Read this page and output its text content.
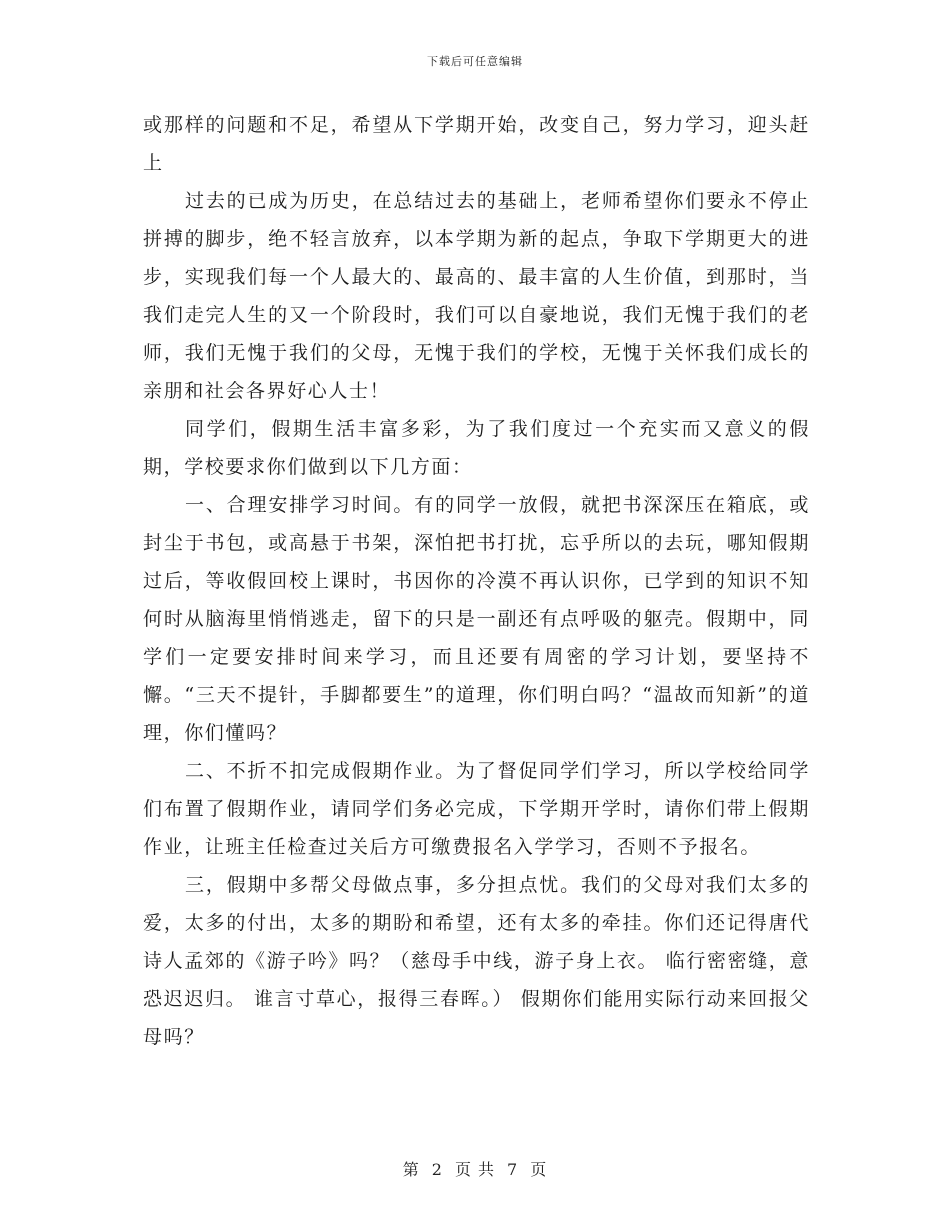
下载后可任意编辑

或那样的问题和不足，希望从下学期开始，改变自己，努力学习，迎头赶上

过去的已成为历史，在总结过去的基础上，老师希望你们要永不停止拼搏的脚步，绝不轻言放弃，以本学期为新的起点，争取下学期更大的进步，实现我们每一个人最大的、最高的、最丰富的人生价值，到那时，当我们走完人生的又一个阶段时，我们可以自豪地说，我们无愧于我们的老师，我们无愧于我们的父母，无愧于我们的学校，无愧于关怀我们成长的亲朋和社会各界好心人士！

同学们，假期生活丰富多彩，为了我们度过一个充实而又意义的假期，学校要求你们做到以下几方面：

一、合理安排学习时间。有的同学一放假，就把书深深压在箱底，或封尘于书包，或高悬于书架，深怕把书打扰，忘乎所以的去玩，哪知假期过后，等收假回校上课时，书因你的冷漠不再认识你，已学到的知识不知何时从脑海里悄悄逃走，留下的只是一副还有点呼吸的躯壳。假期中，同学们一定要安排时间来学习，而且还要有周密的学习计划，要坚持不懈。“三天不提针，手脚都要生”的道理，你们明白吗？“温故而知新”的道理，你们懂吗？

二、不折不扣完成假期作业。为了督促同学们学习，所以学校给同学们布置了假期作业，请同学们务必完成，下学期开学时，请你们带上假期作业，让班主任检查过关后方可缴费报名入学学习，否则不予报名。

三，假期中多帮父母做点事，多分担点忧。我们的父母对我们太多的爱，太多的付出，太多的期盼和希望，还有太多的牵挂。你们还记得唐代诗人孟郊的《游子吟》吗？（慈母手中线，游子身上衣。 临行密密缝，意恐迟迟归。 谁言寸草心，报得三春晖。） 假期你们能用实际行动来回报父母吗？

第 2 页 共 7 页
